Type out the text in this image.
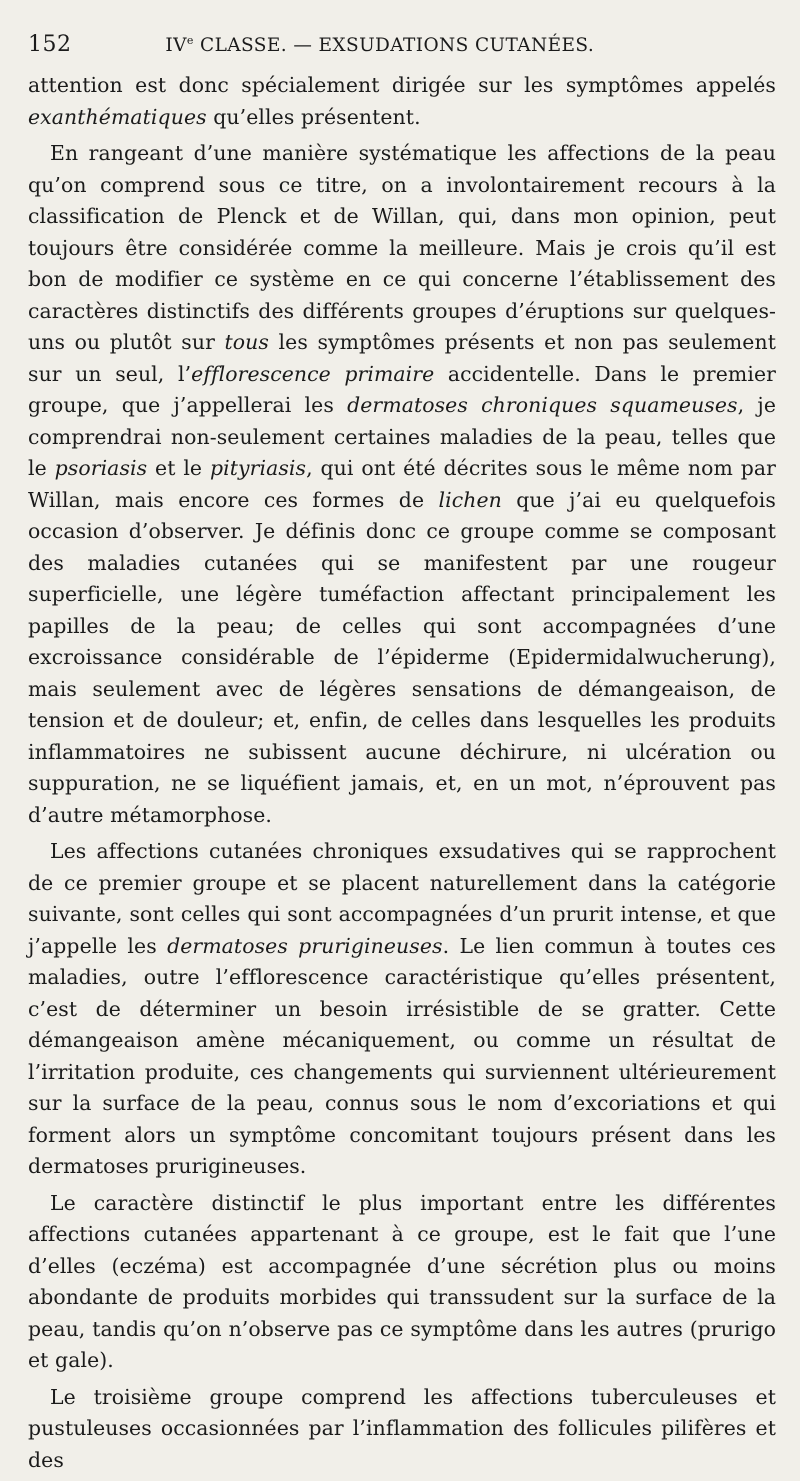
152	IVe CLASSE. — EXSUDATIONS CUTANÉES.

attention est donc spécialement dirigée sur les symptômes appelés exanthématiques qu’elles présentent.

En rangeant d’une manière systématique les affections de la peau qu’on comprend sous ce titre, on a involontairement recours à la classification de Plenck et de Willan, qui, dans mon opinion, peut toujours être considérée comme la meilleure. Mais je crois qu’il est bon de modifier ce système en ce qui concerne l’établissement des caractères distinctifs des différents groupes d’éruptions sur quelques-uns ou plutôt sur tous les symptômes présents et non pas seulement sur un seul, l’efflorescence primaire accidentelle. Dans le premier groupe, que j’appellerai les dermatoses chroniques squameuses, je comprendrai non-seulement certaines maladies de la peau, telles que le psoriasis et le pityriasis, qui ont été décrites sous le même nom par Willan, mais encore ces formes de lichen que j’ai eu quelquefois occasion d’observer. Je définis donc ce groupe comme se composant des maladies cutanées qui se manifestent par une rougeur superficielle, une légère tuméfaction affectant principalement les papilles de la peau; de celles qui sont accompagnées d’une excroissance considérable de l’épiderme (Epidermidalwucherung), mais seulement avec de légères sensations de démangeaison, de tension et de douleur; et, enfin, de celles dans lesquelles les produits inflammatoires ne subissent aucune déchirure, ni ulcération ou suppuration, ne se liquéfient jamais, et, en un mot, n’éprouvent pas d’autre métamorphose.

Les affections cutanées chroniques exsudatives qui se rapprochent de ce premier groupe et se placent naturellement dans la catégorie suivante, sont celles qui sont accompagnées d’un prurit intense, et que j’appelle les dermatoses prurigineuses. Le lien commun à toutes ces maladies, outre l’efflorescence caractéristique qu’elles présentent, c’est de déterminer un besoin irrésistible de se gratter. Cette démangeaison amène mécaniquement, ou comme un résultat de l’irritation produite, ces changements qui surviennent ultérieurement sur la surface de la peau, connus sous le nom d’excoriations et qui forment alors un symptôme concomitant toujours présent dans les dermatoses prurigineuses.

Le caractère distinctif le plus important entre les différentes affections cutanées appartenant à ce groupe, est le fait que l’une d’elles (eczéma) est accompagnée d’une sécrétion plus ou moins abondante de produits morbides qui transsudent sur la surface de la peau, tandis qu’on n’observe pas ce symptôme dans les autres (prurigo et gale).

Le troisième groupe comprend les affections tuberculeuses et pustuleuses occasionnées par l’inflammation des follicules pilifères et des
